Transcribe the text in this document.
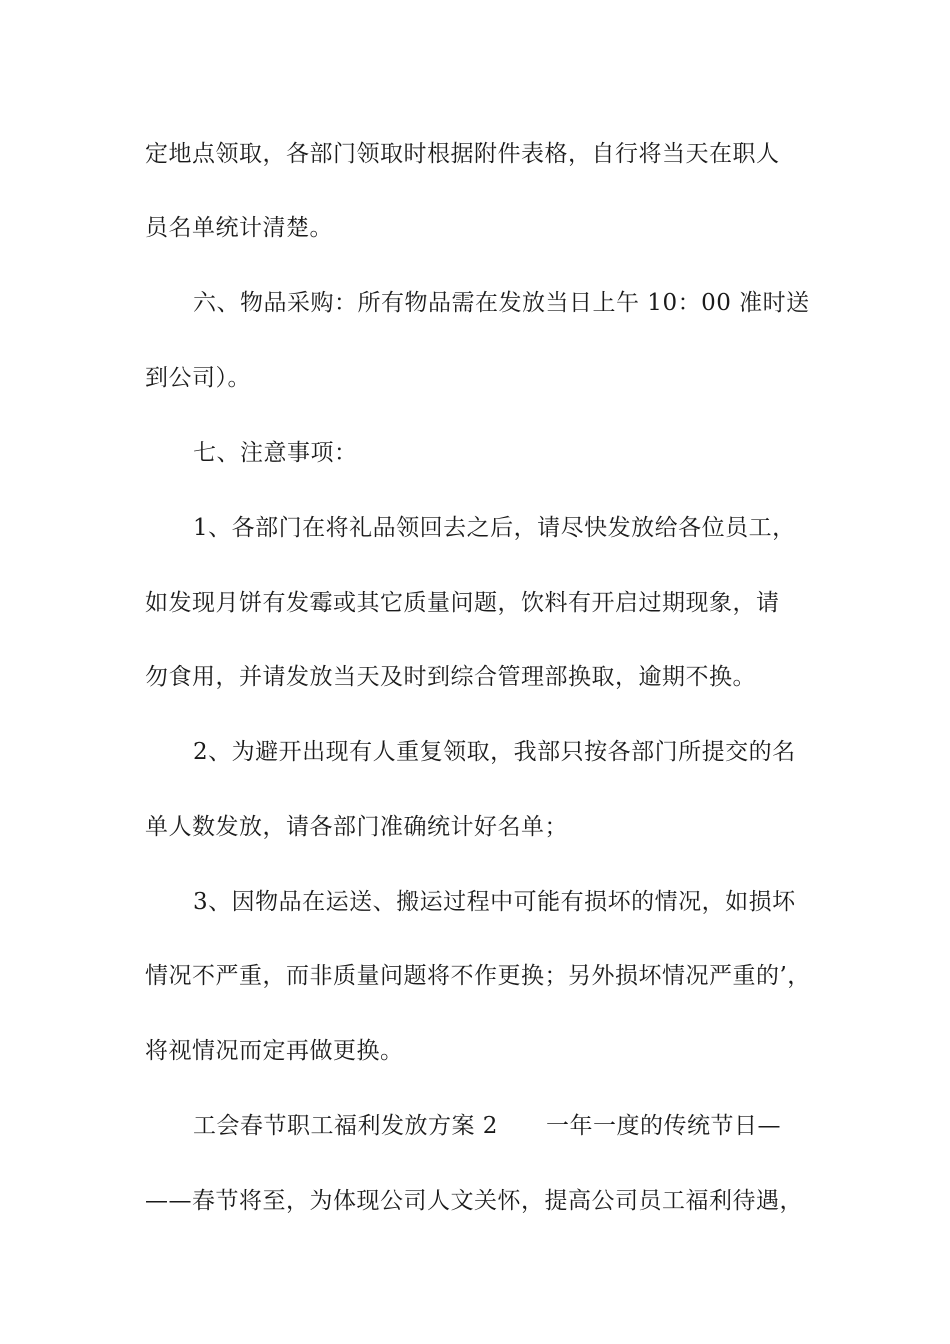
定地点领取，各部门领取时根据附件表格，自行将当天在职人
员名单统计清楚。
六、物品采购：所有物品需在发放当日上午 10：00 准时送
到公司）。
七、注意事项：
1、各部门在将礼品领回去之后，请尽快发放给各位员工，
如发现月饼有发霉或其它质量问题，饮料有开启过期现象，请
勿食用，并请发放当天及时到综合管理部换取，逾期不换。
2、为避开出现有人重复领取，我部只按各部门所提交的名
单人数发放，请各部门准确统计好名单；
3、因物品在运送、搬运过程中可能有损坏的情况，如损坏
情况不严重，而非质量问题将不作更换；另外损坏情况严重的’，
将视情况而定再做更换。
工会春节职工福利发放方案 2 一年一度的传统节日—
——春节将至，为体现公司人文关怀，提高公司员工福利待遇，
